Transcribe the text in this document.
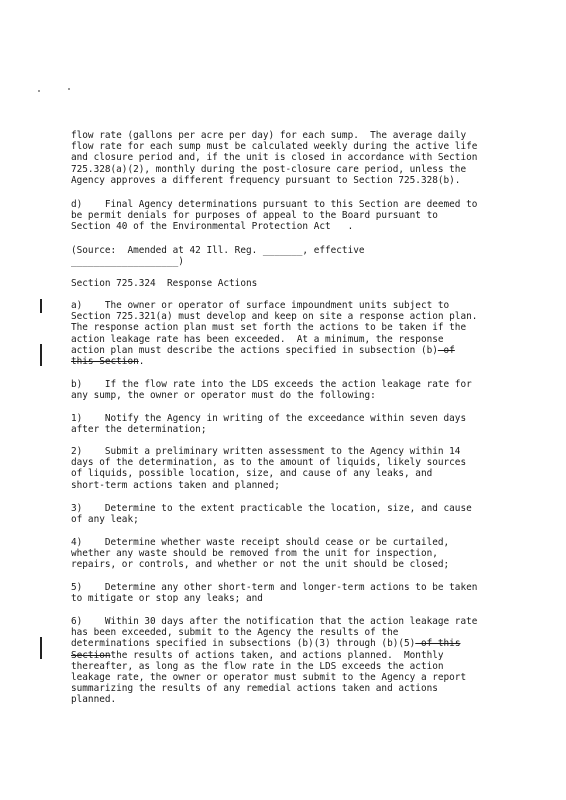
flow rate (gallons per acre per day) for each sump.  The average daily
flow rate for each sump must be calculated weekly during the active life
and closure period and, if the unit is closed in accordance with Section
725.328(a)(2), monthly during the post-closure care period, unless the
Agency approves a different frequency pursuant to Section 725.328(b).
d)    Final Agency determinations pursuant to this Section are deemed to
be permit denials for purposes of appeal to the Board pursuant to
Section 40 of the Environmental Protection Act   .
(Source:  Amended at 42 Ill. Reg. _______, effective
___________________)
Section 725.324  Response Actions
a)    The owner or operator of surface impoundment units subject to
Section 725.321(a) must develop and keep on site a response action plan.
The response action plan must set forth the actions to be taken if the
action leakage rate has been exceeded.  At a minimum, the response
action plan must describe the actions specified in subsection (b) of
this Section.
b)    If the flow rate into the LDS exceeds the action leakage rate for
any sump, the owner or operator must do the following:
1)    Notify the Agency in writing of the exceedance within seven days
after the determination;
2)    Submit a preliminary written assessment to the Agency within 14
days of the determination, as to the amount of liquids, likely sources
of liquids, possible location, size, and cause of any leaks, and
short-term actions taken and planned;
3)    Determine to the extent practicable the location, size, and cause
of any leak;
4)    Determine whether waste receipt should cease or be curtailed,
whether any waste should be removed from the unit for inspection,
repairs, or controls, and whether or not the unit should be closed;
5)    Determine any other short-term and longer-term actions to be taken
to mitigate or stop any leaks; and
6)    Within 30 days after the notification that the action leakage rate
has been exceeded, submit to the Agency the results of the
determinations specified in subsections (b)(3) through (b)(5) of this
Sectionthe results of actions taken, and actions planned.  Monthly
thereafter, as long as the flow rate in the LDS exceeds the action
leakage rate, the owner or operator must submit to the Agency a report
summarizing the results of any remedial actions taken and actions
planned.
